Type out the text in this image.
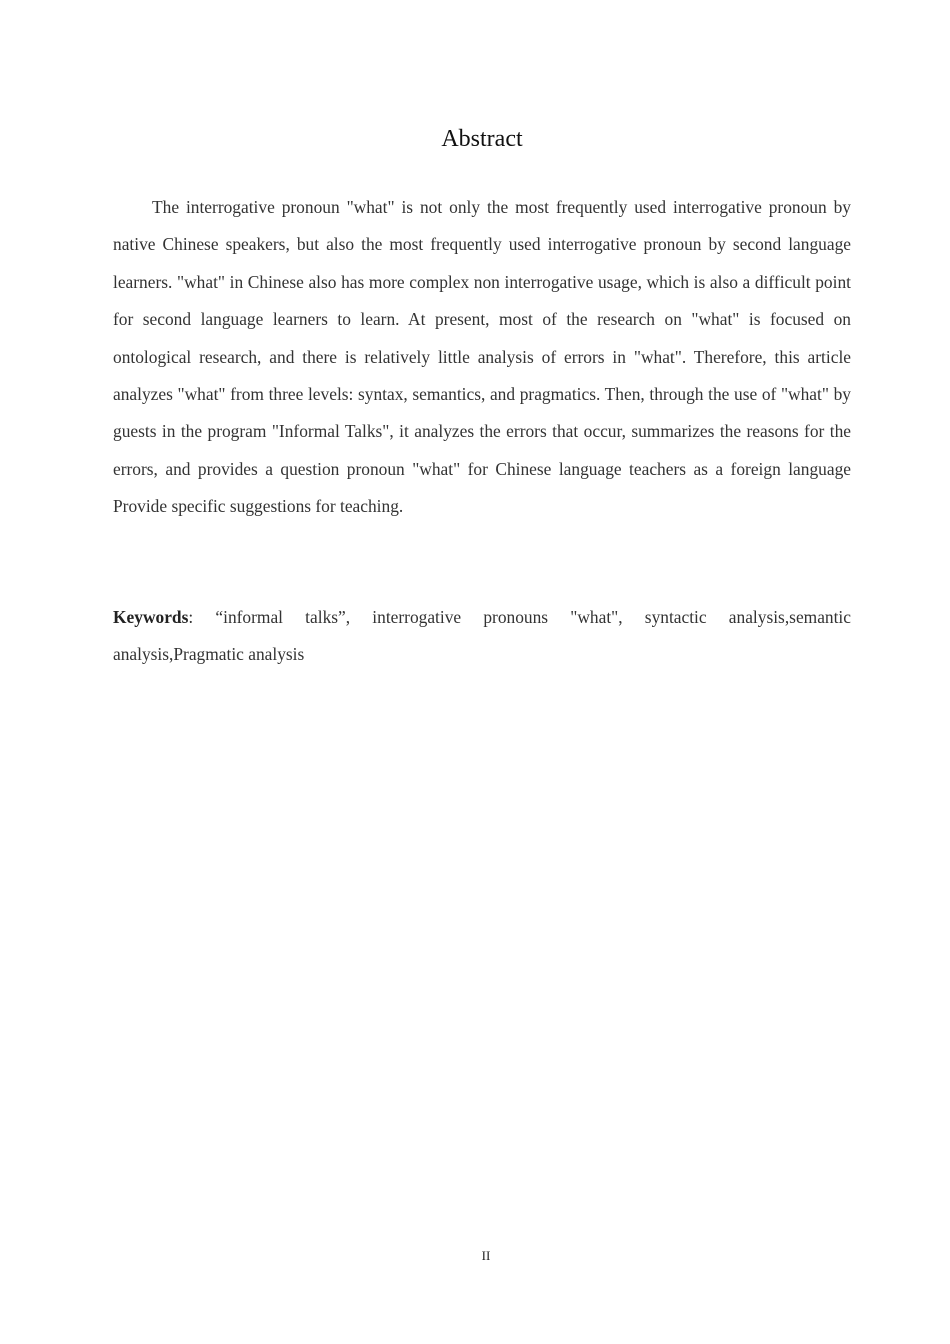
Abstract

The interrogative pronoun "what" is not only the most frequently used interrogative pronoun by native Chinese speakers, but also the most frequently used interrogative pronoun by second language learners. "what" in Chinese also has more complex non interrogative usage, which is also a difficult point for second language learners to learn. At present, most of the research on "what" is focused on ontological research, and there is relatively little analysis of errors in "what". Therefore, this article analyzes "what" from three levels: syntax, semantics, and pragmatics. Then, through the use of "what" by guests in the program "Informal Talks", it analyzes the errors that occur, summarizes the reasons for the errors, and provides a question pronoun "what" for Chinese language teachers as a foreign language Provide specific suggestions for teaching.

Keywords: “informal talks”, interrogative pronouns "what", syntactic analysis,semantic analysis,Pragmatic analysis

II
